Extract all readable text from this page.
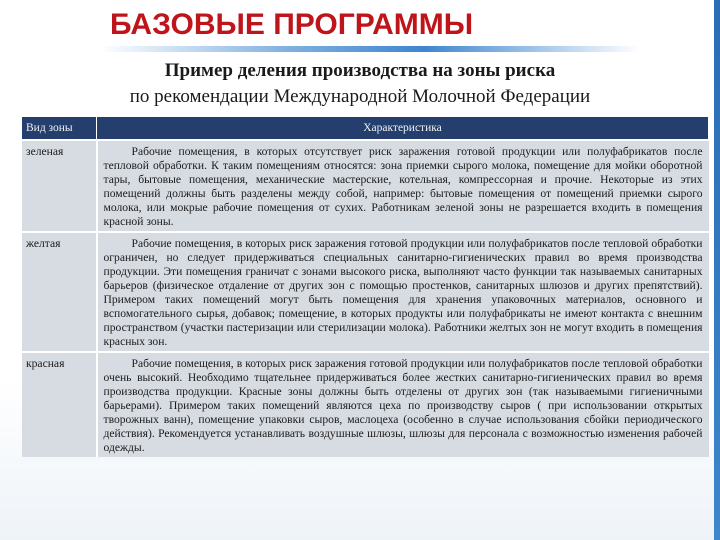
БАЗОВЫЕ ПРОГРАММЫ
Пример деления производства на зоны риска
по рекомендации Международной Молочной Федерации
Вид зоны	Характеристика
зеленая	Рабочие помещения, в которых отсутствует риск заражения готовой продукции или полуфабрикатов после тепловой обработки. К таким помещениям относятся: зона приемки сырого молока, помещение для мойки оборотной тары, бытовые помещения, механические мастерские, котельная, компрессорная и прочие. Некоторые из этих помещений должны быть разделены между собой, например: бытовые помещения от помещений приемки сырого молока, или мокрые рабочие помещения от сухих. Работникам зеленой зоны не разрешается входить в помещения красной зоны.
желтая	Рабочие помещения, в которых риск заражения готовой продукции или полуфабрикатов после тепловой обработки ограничен, но следует придерживаться специальных санитарно-гигиенических правил во время производства продукции. Эти помещения граничат с зонами высокого риска, выполняют часто функции так называемых санитарных барьеров (физическое отдаление от других зон с помощью простенков, санитарных шлюзов и других препятствий). Примером таких помещений могут быть помещения для хранения упаковочных материалов, основного и вспомогательного сырья, добавок; помещение, в которых продукты или полуфабрикаты не имеют контакта с внешним пространством (участки пастеризации или стерилизации молока). Работники желтых зон не могут входить в помещения красных зон.
красная	Рабочие помещения, в которых риск заражения готовой продукции или полуфабрикатов после тепловой обработки очень высокий. Необходимо тщательнее придерживаться более жестких санитарно-гигиенических правил во время производства продукции. Красные зоны должны быть отделены от других зон (так называемыми гигиеничными барьерами). Примером таких помещений являются цеха по производству сыров ( при использовании открытых творожных ванн), помещение упаковки сыров, маслоцеха (особенно в случае использования сбойки периодического действия). Рекомендуется устанавливать воздушные шлюзы, шлюзы для персонала с возможностью изменения рабочей одежды.
